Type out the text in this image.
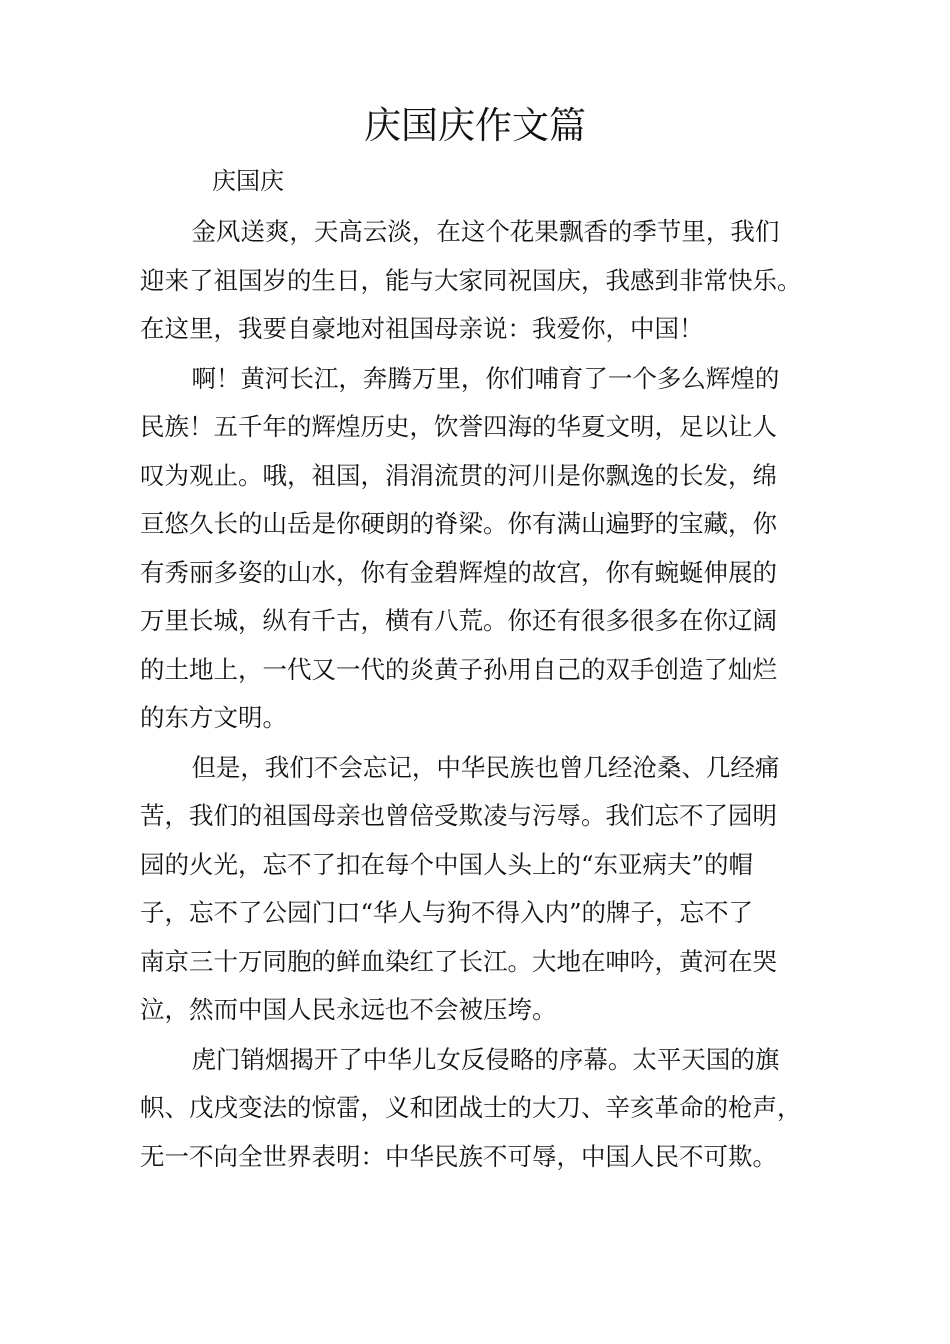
庆国庆作文篇
庆国庆

金风送爽，天高云淡，在这个花果飘香的季节里，我们
迎来了祖国岁的生日，能与大家同祝国庆，我感到非常快乐。
在这里，我要自豪地对祖国母亲说：我爱你，中国！

啊！黄河长江，奔腾万里，你们哺育了一个多么辉煌的
民族！五千年的辉煌历史，饮誉四海的华夏文明，足以让人
叹为观止。哦，祖国，涓涓流贯的河川是你飘逸的长发，绵
亘悠久长的山岳是你硬朗的脊梁。你有满山遍野的宝藏，你
有秀丽多姿的山水，你有金碧辉煌的故宫，你有蜿蜒伸展的
万里长城，纵有千古，横有八荒。你还有很多很多在你辽阔
的土地上，一代又一代的炎黄子孙用自己的双手创造了灿烂
的东方文明。

但是，我们不会忘记，中华民族也曾几经沧桑、几经痛
苦，我们的祖国母亲也曾倍受欺凌与污辱。我们忘不了园明
园的火光，忘不了扣在每个中国人头上的“东亚病夫”的帽
子，忘不了公园门口“华人与狗不得入内”的牌子，忘不了
南京三十万同胞的鲜血染红了长江。大地在呻吟，黄河在哭
泣，然而中国人民永远也不会被压垮。

虎门销烟揭开了中华儿女反侵略的序幕。太平天国的旗
帜、戊戌变法的惊雷，义和团战士的大刀、辛亥革命的枪声，
无一不向全世界表明：中华民族不可辱，中国人民不可欺。
